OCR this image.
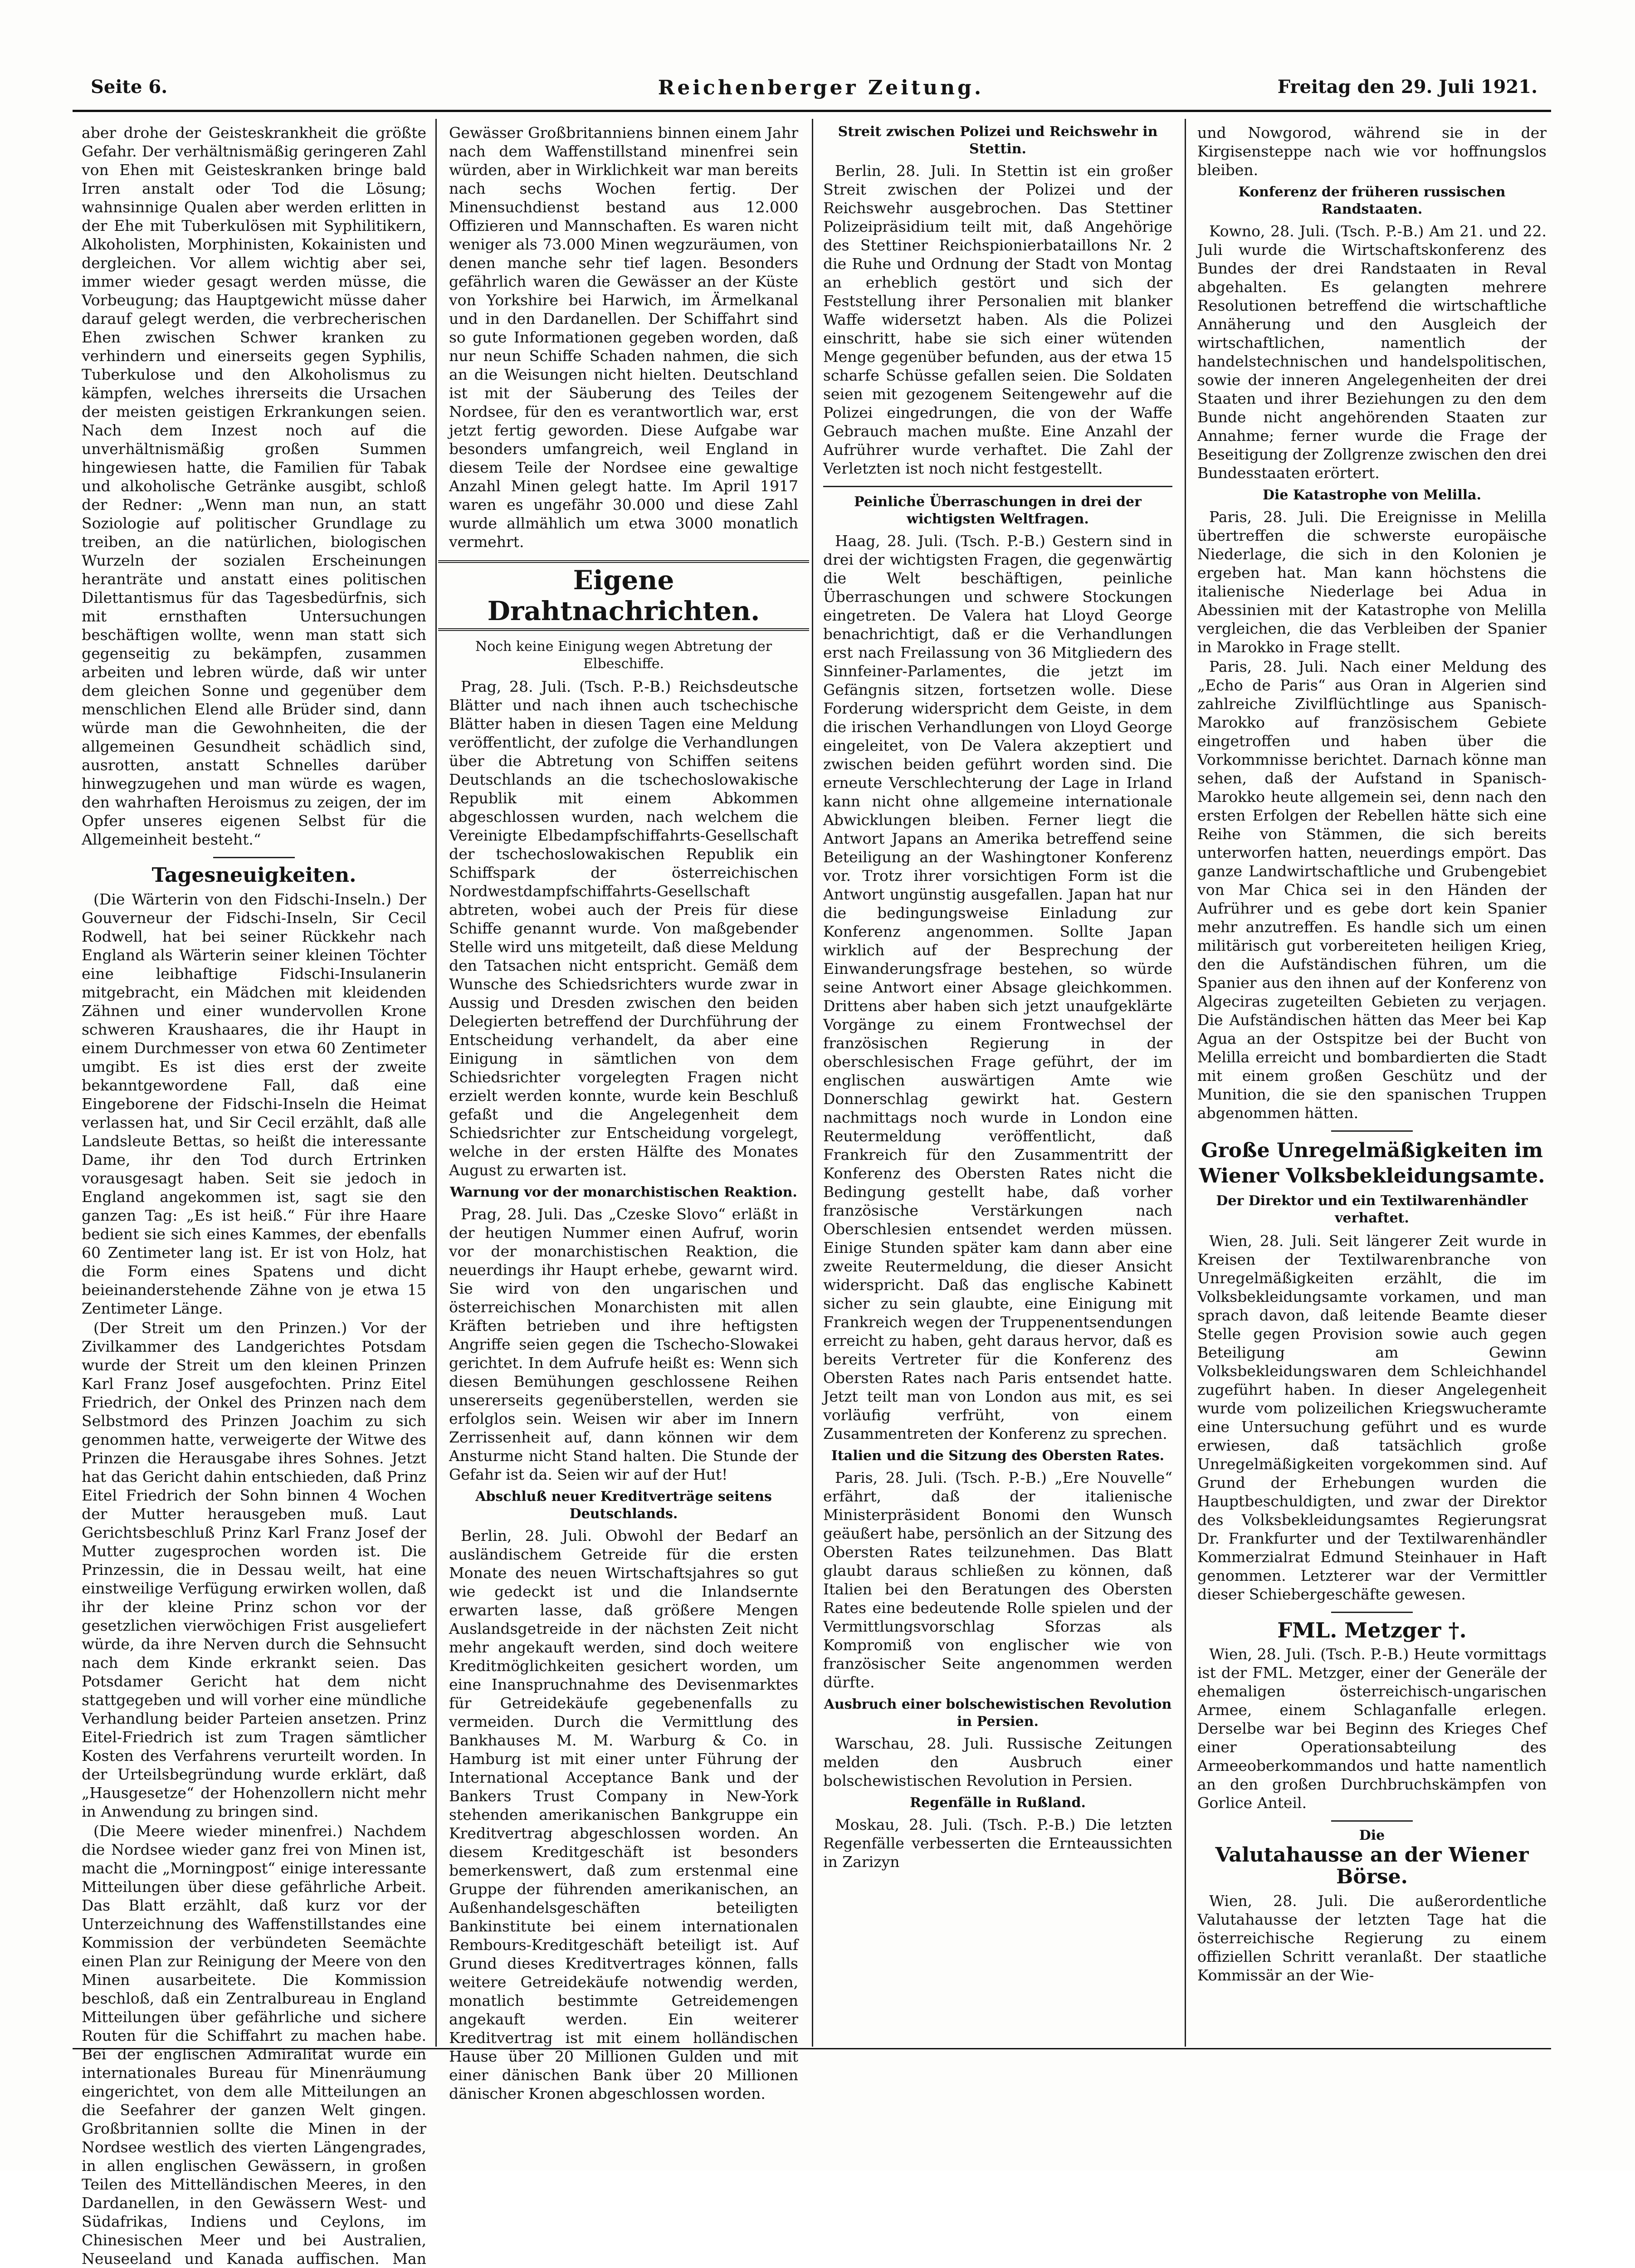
Seite 6.	Reichenberger Zeitung.	Freitag den 29. Juli 1921.

aber drohe der Geisteskrankheit die größte Gefahr. Der verhältnismäßig geringeren Zahl von Ehen mit Geisteskranken bringe bald Irren anstalt oder Tod die Lösung; wahnsinnige Qualen aber werden erlitten in der Ehe mit Tuberkulösen mit Syphilitikern, Alkoholisten, Morphinisten, Kokainisten und dergleichen. Vor allem wichtig aber sei, immer wieder gesagt werden müsse, die Vorbeugung; das Hauptgewicht müsse daher darauf gelegt werden, die verbrecherischen Ehen zwischen Schwer kranken zu verhindern und einerseits gegen Syphilis, Tuberkulose und den Alkoholismus zu kämpfen, welches ihrerseits die Ursachen der meisten geistigen Erkrankungen seien. Nach dem Inzest noch auf die unverhältnismäßig großen Summen hingewiesen hatte, die Familien für Tabak und alkoholische Getränke ausgibt, schloß der Redner: „Wenn man nun, an statt Soziologie auf politischer Grundlage zu treiben, an die natürlichen, biologischen Wurzeln der sozialen Erscheinungen heranträte und anstatt eines politischen Dilettantismus für das Tagesbedürfnis, sich mit ernsthaften Untersuchungen beschäftigen wollte, wenn man statt sich gegenseitig zu bekämpfen, zusammen arbeiten und lebren würde, daß wir unter dem gleichen Sonne und gegenüber dem menschlichen Elend alle Brüder sind, dann würde man die Gewohnheiten, die der allgemeinen Gesundheit schädlich sind, ausrotten, anstatt Schnelles darüber hinwegzugehen und man würde es wagen, den wahrhaften Heroismus zu zeigen, der im Opfer unseres eigenen Selbst für die Allgemeinheit besteht.“

Tagesneuigkeiten.

(Die Wärterin von den Fidschi-Inseln.) Der Gouverneur der Fidschi-Inseln, Sir Cecil Rodwell, hat bei seiner Rückkehr nach England als Wärterin seiner kleinen Töchter eine leibhaftige Fidschi-Insulanerin mitgebracht, ein Mädchen mit kleidenden Zähnen und einer wundervollen Krone schweren Kraushaares, die ihr Haupt in einem Durchmesser von etwa 60 Zentimeter umgibt. Es ist dies erst der zweite bekanntgewordene Fall, daß eine Eingeborene der Fidschi-Inseln die Heimat verlassen hat, und Sir Cecil erzählt, daß alle Landsleute Bettas, so heißt die interessante Dame, ihr den Tod durch Ertrinken vorausgesagt haben. Seit sie jedoch in England angekommen ist, sagt sie den ganzen Tag: „Es ist heiß.“ Für ihre Haare bedient sie sich eines Kammes, der ebenfalls 60 Zentimeter lang ist. Er ist von Holz, hat die Form eines Spatens und dicht beieinanderstehende Zähne von je etwa 15 Zentimeter Länge.

(Der Streit um den Prinzen.) Vor der Zivilkammer des Landgerichtes Potsdam wurde der Streit um den kleinen Prinzen Karl Franz Josef ausgefochten. Prinz Eitel Friedrich, der Onkel des Prinzen nach dem Selbstmord des Prinzen Joachim zu sich genommen hatte, verweigerte der Witwe des Prinzen die Herausgabe ihres Sohnes. Jetzt hat das Gericht dahin entschieden, daß Prinz Eitel Friedrich der Sohn binnen 4 Wochen der Mutter herausgeben muß. Laut Gerichtsbeschluß Prinz Karl Franz Josef der Mutter zugesprochen worden ist. Die Prinzessin, die in Dessau weilt, hat eine einstweilige Verfügung erwirken wollen, daß ihr der kleine Prinz schon vor der gesetzlichen vierwöchigen Frist ausgeliefert würde, da ihre Nerven durch die Sehnsucht nach dem Kinde erkrankt seien. Das Potsdamer Gericht hat dem nicht stattgegeben und will vorher eine mündliche Verhandlung beider Parteien ansetzen. Prinz Eitel-Friedrich ist zum Tragen sämtlicher Kosten des Verfahrens verurteilt worden. In der Urteilsbegründung wurde erklärt, daß „Hausgesetze“ der Hohenzollern nicht mehr in Anwendung zu bringen sind.

(Die Meere wieder minenfrei.) Nachdem die Nordsee wieder ganz frei von Minen ist, macht die „Morningpost“ einige interessante Mitteilungen über diese gefährliche Arbeit. Das Blatt erzählt, daß kurz vor der Unterzeichnung des Waffenstillstandes eine Kommission der verbündeten Seemächte einen Plan zur Reinigung der Meere von den Minen ausarbeitete. Die Kommission beschloß, daß ein Zentralbureau in England Mitteilungen über gefährliche und sichere Routen für die Schiffahrt zu machen habe. Bei der englischen Admiralität wurde ein internationales Bureau für Minenräumung eingerichtet, von dem alle Mitteilungen an die Seefahrer der ganzen Welt gingen. Großbritannien sollte die Minen in der Nordsee westlich des vierten Längengrades, in allen englischen Gewässern, in großen Teilen des Mittelländischen Meeres, in den Dardanellen, in den Gewässern West- und Südafrikas, Indiens und Ceylons, im Chinesischen Meer und bei Australien, Neuseeland und Kanada auffischen. Man

Gewässer Großbritanniens binnen einem Jahr nach dem Waffenstillstand minenfrei sein würden, aber in Wirklichkeit war man bereits nach sechs Wochen fertig. Der Minensuchdienst bestand aus 12.000 Offizieren und Mannschaften. Es waren nicht weniger als 73.000 Minen wegzuräumen, von denen manche sehr tief lagen. Besonders gefährlich waren die Gewässer an der Küste von Yorkshire bei Harwich, im Ärmelkanal und in den Dardanellen. Der Schiffahrt sind so gute Informationen gegeben worden, daß nur neun Schiffe Schaden nahmen, die sich an die Weisungen nicht hielten. Deutschland ist mit der Säuberung des Teiles der Nordsee, für den es verantwortlich war, erst jetzt fertig geworden. Diese Aufgabe war besonders umfangreich, weil England in diesem Teile der Nordsee eine gewaltige Anzahl Minen gelegt hatte. Im April 1917 waren es ungefähr 30.000 und diese Zahl wurde allmählich um etwa 3000 monatlich vermehrt.

Eigene Drahtnachrichten.
Noch keine Einigung wegen Abtretung der Elbeschiffe.

Prag, 28. Juli. (Tsch. P.-B.) Reichsdeutsche Blätter und nach ihnen auch tschechische Blätter haben in diesen Tagen eine Meldung veröffentlicht, der zufolge die Verhandlungen über die Abtretung von Schiffen seitens Deutschlands an die tschechoslowakische Republik mit einem Abkommen abgeschlossen wurden, nach welchem die Vereinigte Elbedampfschiffahrts-Gesellschaft der tschechoslowakischen Republik ein Schiffspark der österreichischen Nordwestdampfschiffahrts-Gesellschaft abtreten, wobei auch der Preis für diese Schiffe genannt wurde. Von maßgebender Stelle wird uns mitgeteilt, daß diese Meldung den Tatsachen nicht entspricht. Gemäß dem Wunsche des Schiedsrichters wurde zwar in Aussig und Dresden zwischen den beiden Delegierten betreffend der Durchführung der Entscheidung verhandelt, da aber eine Einigung in sämtlichen von dem Schiedsrichter vorgelegten Fragen nicht erzielt werden konnte, wurde kein Beschluß gefaßt und die Angelegenheit dem Schiedsrichter zur Entscheidung vorgelegt, welche in der ersten Hälfte des Monates August zu erwarten ist.

Warnung vor der monarchistischen Reaktion.

Prag, 28. Juli. Das „Czeske Slovo“ erläßt in der heutigen Nummer einen Aufruf, worin vor der monarchistischen Reaktion, die neuerdings ihr Haupt erhebe, gewarnt wird. Sie wird von den ungarischen und österreichischen Monarchisten mit allen Kräften betrieben und ihre heftigsten Angriffe seien gegen die Tschecho-Slowakei gerichtet. In dem Aufrufe heißt es: Wenn sich diesen Bemühungen geschlossene Reihen unsererseits gegenüberstellen, werden sie erfolglos sein. Weisen wir aber im Innern Zerrissenheit auf, dann können wir dem Ansturme nicht Stand halten. Die Stunde der Gefahr ist da. Seien wir auf der Hut!

Abschluß neuer Kreditverträge seitens Deutschlands.

Berlin, 28. Juli. Obwohl der Bedarf an ausländischem Getreide für die ersten Monate des neuen Wirtschaftsjahres so gut wie gedeckt ist und die Inlandsernte erwarten lasse, daß größere Mengen Auslandsgetreide in der nächsten Zeit nicht mehr angekauft werden, sind doch weitere Kreditmöglichkeiten gesichert worden, um eine Inanspruchnahme des Devisenmarktes für Getreidekäufe gegebenenfalls zu vermeiden. Durch die Vermittlung des Bankhauses M. M. Warburg & Co. in Hamburg ist mit einer unter Führung der International Acceptance Bank und der Bankers Trust Company in New-York stehenden amerikanischen Bankgruppe ein Kreditvertrag abgeschlossen worden. An diesem Kreditgeschäft ist besonders bemerkenswert, daß zum erstenmal eine Gruppe der führenden amerikanischen, an Außenhandelsgeschäften beteiligten Bankinstitute bei einem internationalen Rembours-Kreditgeschäft beteiligt ist. Auf Grund dieses Kreditvertrages können, falls weitere Getreidekäufe notwendig werden, monatlich bestimmte Getreidemengen angekauft werden. Ein weiterer Kreditvertrag ist mit einem holländischen Hause über 20 Millionen Gulden und mit einer dänischen Bank über 20 Millionen dänischer Kronen abgeschlossen worden.

Streit zwischen Polizei und Reichswehr in Stettin.

Berlin, 28. Juli. In Stettin ist ein großer Streit zwischen der Polizei und der Reichswehr ausgebrochen. Das Stettiner Polizeipräsidium teilt mit, daß Angehörige des Stettiner Reichspionierbataillons Nr. 2 die Ruhe und Ordnung der Stadt von Montag an erheblich gestört und sich der Feststellung ihrer Personalien mit blanker Waffe widersetzt haben. Als die Polizei einschritt, habe sie sich einer wütenden Menge gegenüber befunden, aus der etwa 15 scharfe Schüsse gefallen seien. Die Soldaten seien mit gezogenem Seitengewehr auf die Polizei eingedrungen, die von der Waffe Gebrauch machen mußte. Eine Anzahl der Aufrührer wurde verhaftet. Die Zahl der Verletzten ist noch nicht festgestellt.

Peinliche Überraschungen in drei der wichtigsten Weltfragen.

Haag, 28. Juli. (Tsch. P.-B.) Gestern sind in drei der wichtigsten Fragen, die gegenwärtig die Welt beschäftigen, peinliche Überraschungen und schwere Stockungen eingetreten. De Valera hat Lloyd George benachrichtigt, daß er die Verhandlungen erst nach Freilassung von 36 Mitgliedern des Sinnfeiner-Parlamentes, die jetzt im Gefängnis sitzen, fortsetzen wolle. Diese Forderung widerspricht dem Geiste, in dem die irischen Verhandlungen von Lloyd George eingeleitet, von De Valera akzeptiert und zwischen beiden geführt worden sind. Die erneute Verschlechterung der Lage in Irland kann nicht ohne allgemeine internationale Abwicklungen bleiben. Ferner liegt die Antwort Japans an Amerika betreffend seine Beteiligung an der Washingtoner Konferenz vor. Trotz ihrer vorsichtigen Form ist die Antwort ungünstig ausgefallen. Japan hat nur die bedingungsweise Einladung zur Konferenz angenommen. Sollte Japan wirklich auf der Besprechung der Einwanderungsfrage bestehen, so würde seine Antwort einer Absage gleichkommen. Drittens aber haben sich jetzt unaufgeklärte Vorgänge zu einem Frontwechsel der französischen Regierung in der oberschlesischen Frage geführt, der im englischen auswärtigen Amte wie Donnerschlag gewirkt hat. Gestern nachmittags noch wurde in London eine Reutermeldung veröffentlicht, daß Frankreich für den Zusammentritt der Konferenz des Obersten Rates nicht die Bedingung gestellt habe, daß vorher französische Verstärkungen nach Oberschlesien entsendet werden müssen. Einige Stunden später kam dann aber eine zweite Reutermeldung, die dieser Ansicht widerspricht. Daß das englische Kabinett sicher zu sein glaubte, eine Einigung mit Frankreich wegen der Truppenentsendungen erreicht zu haben, geht daraus hervor, daß es bereits Vertreter für die Konferenz des Obersten Rates nach Paris entsendet hatte. Jetzt teilt man von London aus mit, es sei vorläufig verfrüht, von einem Zusammentreten der Konferenz zu sprechen.

Italien und die Sitzung des Obersten Rates.

Paris, 28. Juli. (Tsch. P.-B.) „Ere Nouvelle“ erfährt, daß der italienische Ministerpräsident Bonomi den Wunsch geäußert habe, persönlich an der Sitzung des Obersten Rates teilzunehmen. Das Blatt glaubt daraus schließen zu können, daß Italien bei den Beratungen des Obersten Rates eine bedeutende Rolle spielen und der Vermittlungsvorschlag Sforzas als Kompromiß von englischer wie von französischer Seite angenommen werden dürfte.

Ausbruch einer bolschewistischen Revolution in Persien.

Warschau, 28. Juli. Russische Zeitungen melden den Ausbruch einer bolschewistischen Revolution in Persien.

Regenfälle in Rußland.

Moskau, 28. Juli. (Tsch. P.-B.) Die letzten Regenfälle verbesserten die Ernteaussichten in Zarizyn

und Nowgorod, während sie in der Kirgisensteppe nach wie vor hoffnungslos bleiben.

Konferenz der früheren russischen Randstaaten.

Kowno, 28. Juli. (Tsch. P.-B.) Am 21. und 22. Juli wurde die Wirtschaftskonferenz des Bundes der drei Randstaaten in Reval abgehalten. Es gelangten mehrere Resolutionen betreffend die wirtschaftliche Annäherung und den Ausgleich der wirtschaftlichen, namentlich der handelstechnischen und handelspolitischen, sowie der inneren Angelegenheiten der drei Staaten und ihrer Beziehungen zu den dem Bunde nicht angehörenden Staaten zur Annahme; ferner wurde die Frage der Beseitigung der Zollgrenze zwischen den drei Bundesstaaten erörtert.

Die Katastrophe von Melilla.

Paris, 28. Juli. Die Ereignisse in Melilla übertreffen die schwerste europäische Niederlage, die sich in den Kolonien je ergeben hat. Man kann höchstens die italienische Niederlage bei Adua in Abessinien mit der Katastrophe von Melilla vergleichen, die das Verbleiben der Spanier in Marokko in Frage stellt.

Paris, 28. Juli. Nach einer Meldung des „Echo de Paris“ aus Oran in Algerien sind zahlreiche Zivilflüchtlinge aus Spanisch-Marokko auf französischem Gebiete eingetroffen und haben über die Vorkommnisse berichtet. Darnach könne man sehen, daß der Aufstand in Spanisch-Marokko heute allgemein sei, denn nach den ersten Erfolgen der Rebellen hätte sich eine Reihe von Stämmen, die sich bereits unterworfen hatten, neuerdings empört. Das ganze Landwirtschaftliche und Grubengebiet von Mar Chica sei in den Händen der Aufrührer und es gebe dort kein Spanier mehr anzutreffen. Es handle sich um einen militärisch gut vorbereiteten heiligen Krieg, den die Aufständischen führen, um die Spanier aus den ihnen auf der Konferenz von Algeciras zugeteilten Gebieten zu verjagen. Die Aufständischen hätten das Meer bei Kap Agua an der Ostspitze bei der Bucht von Melilla erreicht und bombardierten die Stadt mit einem großen Geschütz und der Munition, die sie den spanischen Truppen abgenommen hätten.

Große Unregelmäßigkeiten im Wiener Volksbekleidungsamte.
Der Direktor und ein Textilwarenhändler verhaftet.

Wien, 28. Juli. Seit längerer Zeit wurde in Kreisen der Textilwarenbranche von Unregelmäßigkeiten erzählt, die im Volksbekleidungsamte vorkamen, und man sprach davon, daß leitende Beamte dieser Stelle gegen Provision sowie auch gegen Beteiligung am Gewinn Volksbekleidungswaren dem Schleichhandel zugeführt haben. In dieser Angelegenheit wurde vom polizeilichen Kriegswucheramte eine Untersuchung geführt und es wurde erwiesen, daß tatsächlich große Unregelmäßigkeiten vorgekommen sind. Auf Grund der Erhebungen wurden die Hauptbeschuldigten, und zwar der Direktor des Volksbekleidungsamtes Regierungsrat Dr. Frankfurter und der Textilwarenhändler Kommerzialrat Edmund Steinhauer in Haft genommen. Letzterer war der Vermittler dieser Schiebergeschäfte gewesen.

FML. Metzger †.

Wien, 28. Juli. (Tsch. P.-B.) Heute vormittags ist der FML. Metzger, einer der Generäle der ehemaligen österreichisch-ungarischen Armee, einem Schlaganfalle erlegen. Derselbe war bei Beginn des Krieges Chef einer Operationsabteilung des Armeeoberkommandos und hatte namentlich an den großen Durchbruchskämpfen von Gorlice Anteil.

Die
Valutahausse an der Wiener Börse.

Wien, 28. Juli. Die außerordentliche Valutahausse der letzten Tage hat die österreichische Regierung zu einem offiziellen Schritt veranlaßt. Der staatliche Kommissär an der Wie-
